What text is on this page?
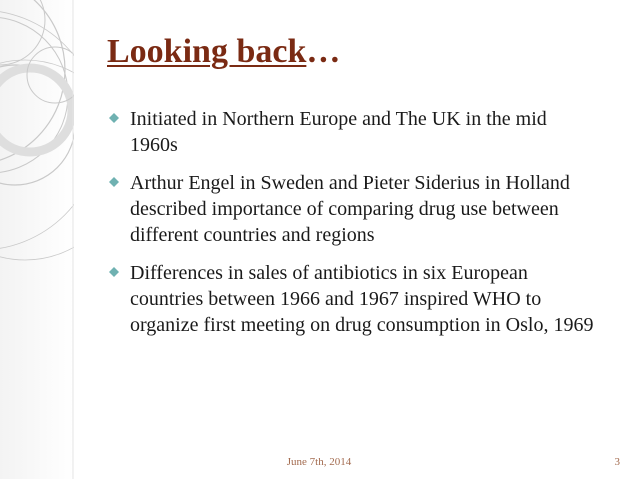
Looking back…
Initiated in Northern Europe and The UK in the mid 1960s
Arthur Engel in Sweden and Pieter Siderius in Holland described importance of comparing drug use between different countries and regions
Differences in sales of antibiotics in six European countries between 1966 and 1967 inspired WHO to organize first meeting on drug consumption in Oslo, 1969
June 7th, 2014	3
